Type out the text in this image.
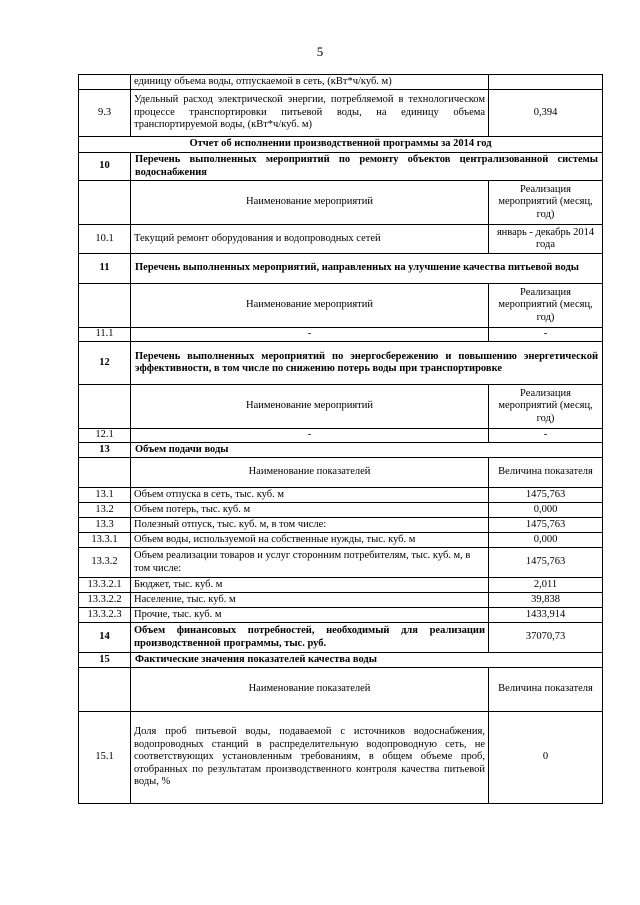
5
	единицу объема воды, отпускаемой в сеть, (кВт*ч/куб. м)	
9.3	Удельный расход электрической энергии, потребляемой в технологическом процессе транспортировки питьевой воды, на единицу объема транспортируемой воды, (кВт*ч/куб. м)	0,394
Отчет об исполнении производственной программы за 2014 год		
10	Перечень выполненных мероприятий по ремонту объектов централизованной системы водоснабжения	
	Наименование мероприятий	Реализация мероприятий (месяц, год)
10.1	Текущий ремонт оборудования и водопроводных сетей	январь - декабрь 2014 года
11	Перечень выполненных мероприятий, направленных на улучшение качества питьевой воды	
	Наименование мероприятий	Реализация мероприятий (месяц, год)
11.1	-	-
12	Перечень выполненных мероприятий по энергосбережению и повышению энергетической эффективности, в том числе по снижению потерь воды при транспортировке	
	Наименование мероприятий	Реализация мероприятий (месяц, год)
12.1	-	-
13	Объем подачи воды	
	Наименование показателей	Величина показателя
13.1	Объем отпуска в сеть, тыс. куб. м	1475,763
13.2	Объем потерь, тыс. куб. м	0,000
13.3	Полезный отпуск, тыс. куб. м, в том числе:	1475,763
13.3.1	Объем воды, используемой на собственные нужды, тыс. куб. м	0,000
13.3.2	Объем реализации товаров и услуг сторонним потребителям, тыс. куб. м, в том числе:	1475,763
13.3.2.1	Бюджет, тыс. куб. м	2,011
13.3.2.2	Население, тыс. куб. м	39,838
13.3.2.3	Прочие, тыс. куб. м	1433,914
14	Объем финансовых потребностей, необходимый для реализации производственной программы, тыс. руб.	37070,73
15	Фактические значения показателей качества воды	
	Наименование показателей	Величина показателя
15.1	Доля проб питьевой воды, подаваемой с источников водоснабжения, водопроводных станций в распределительную водопроводную сеть, не соответствующих установленным требованиям, в общем объеме проб, отобранных по результатам производственного контроля качества питьевой воды, %	0
